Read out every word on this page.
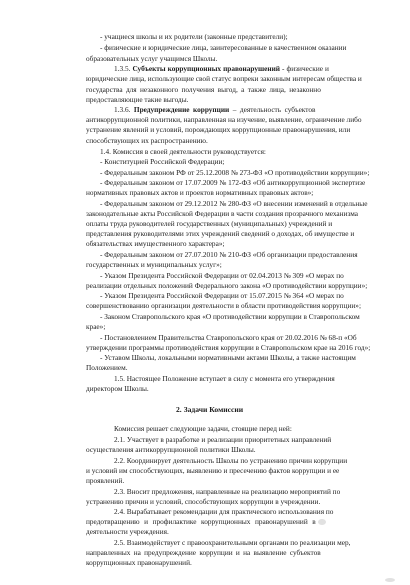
- учащиеся школы и их родители (законные представители);
- физические и юридические лица, заинтересованные в качественном оказании
образовательных услуг учащимся Школы.
1.3.5. Субъекты коррупционных правонарушений - физические и
юридические лица, использующие свой статус вопреки законным интересам общества и
государства для незаконного получения выгод, а также лица, незаконно
предоставляющие такие выгоды.
1.3.6. Предупреждение коррупции – деятельность субъектов
антикоррупционной политики, направленная на изучение, выявление, ограничение либо
устранение явлений и условий, порождающих коррупционные правонарушения, или
способствующих их распространению.
1.4. Комиссия в своей деятельности руководствуется:
- Конституцией Российской Федерации;
- Федеральным законом РФ от 25.12.2008 № 273-ФЗ «О противодействии коррупции»;
- Федеральным законом от 17.07.2009 № 172-ФЗ «Об антикоррупционной экспертизе
нормативных правовых актов и проектов нормативных правовых актов»;
- Федеральным законом от 29.12.2012 № 280-ФЗ «О внесении изменений в отдельные
законодательные акты Российской Федерации в части создания прозрачного механизма
оплаты труда руководителей государственных (муниципальных) учреждений и
представления руководителями этих учреждений сведений о доходах, об имуществе и
обязательствах имущественного характера»;
- Федеральным законом от 27.07.2010 № 210-ФЗ «Об организации предоставления
государственных и муниципальных услуг»;
- Указом Президента Российской Федерации от 02.04.2013 № 309 «О мерах по
реализации отдельных положений Федерального закона «О противодействии коррупции»;
- Указом Президента Российской Федерации от 15.07.2015 № 364 «О мерах по
совершенствованию организации деятельности в области противодействия коррупции»;
- Законом Ставропольского края «О противодействии коррупции в Ставропольском
крае»;
- Постановлением Правительства Ставропольского края от 20.02.2016 № 68-п «Об
утверждении программы противодействия коррупции в Ставропольском крае на 2016 год»;
- Уставом Школы, локальными нормативными актами Школы, а также настоящим
Положением.
1.5. Настоящее Положение вступает в силу с момента его утверждения
директором Школы.
2. Задачи Комиссии
Комиссия решает следующие задачи, стоящие перед ней:
2.1. Участвует в разработке и реализации приоритетных направлений
осуществления антикоррупционной политики Школы.
2.2. Координирует деятельность Школы по устранению причин коррупции
и условий им способствующих, выявлению и пресечению фактов коррупции и ее
проявлений.
2.3. Вносит предложения, направленные на реализацию мероприятий по
устранению причин и условий, способствующих коррупции в учреждении.
2.4. Вырабатывает рекомендации для практического использования по
предотвращению и профилактике коррупционных правонарушений в
деятельности учреждения.
2.5. Взаимодействует с правоохранительными органами по реализации мер,
направленных на предупреждение коррупции и на выявление субъектов
коррупционных правонарушений.
